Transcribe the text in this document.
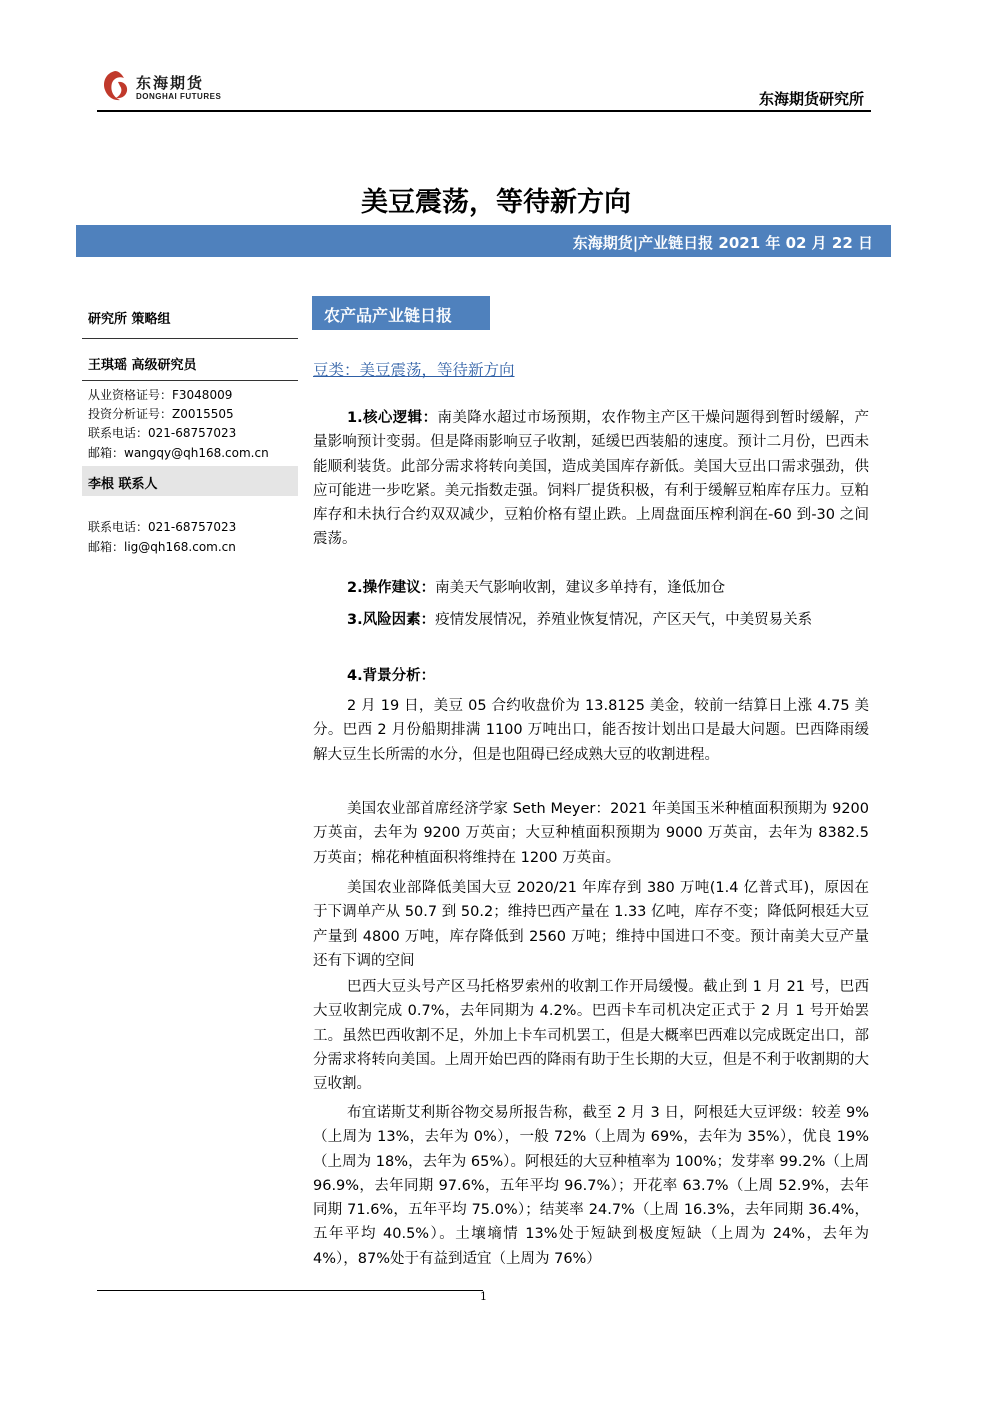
东海期货
DONGHAI FUTURES	东海期货研究所
美豆震荡，等待新方向
东海期货|产业链日报 2021 年 02 月 22 日
研究所 策略组
王琪瑶 高级研究员
从业资格证号：F3048009
投资分析证号：Z0015505
联系电话：021-68757023
邮箱：wangqy@qh168.com.cn
李根 联系人
联系电话：021-68757023
邮箱：lig@qh168.com.cn
农产品产业链日报
豆类：美豆震荡，等待新方向
1.核心逻辑：南美降水超过市场预期，农作物主产区干燥问题得到暂时缓解，产量影响预计变弱。但是降雨影响豆子收割，延缓巴西装船的速度。预计二月份，巴西未能顺利装货。此部分需求将转向美国，造成美国库存新低。美国大豆出口需求强劲，供应可能进一步吃紧。美元指数走强。饲料厂提货积极，有利于缓解豆粕库存压力。豆粕库存和未执行合约双双减少，豆粕价格有望止跌。上周盘面压榨利润在-60 到-30 之间震荡。
2.操作建议：南美天气影响收割，建议多单持有，逢低加仓
3.风险因素：疫情发展情况，养殖业恢复情况，产区天气，中美贸易关系
4.背景分析：
2 月 19 日，美豆 05 合约收盘价为 13.8125 美金，较前一结算日上涨 4.75 美分。巴西 2 月份船期排满 1100 万吨出口，能否按计划出口是最大问题。巴西降雨缓解大豆生长所需的水分，但是也阻碍已经成熟大豆的收割进程。
美国农业部首席经济学家 Seth Meyer：2021 年美国玉米种植面积预期为 9200 万英亩，去年为 9200 万英亩；大豆种植面积预期为 9000 万英亩，去年为 8382.5 万英亩；棉花种植面积将维持在 1200 万英亩。
美国农业部降低美国大豆 2020/21 年库存到 380 万吨(1.4 亿普式耳)，原因在于下调单产从 50.7 到 50.2；维持巴西产量在 1.33 亿吨，库存不变；降低阿根廷大豆产量到 4800 万吨，库存降低到 2560 万吨；维持中国进口不变。预计南美大豆产量还有下调的空间
巴西大豆头号产区马托格罗索州的收割工作开局缓慢。截止到 1 月 21 号，巴西大豆收割完成 0.7%，去年同期为 4.2%。巴西卡车司机决定正式于 2 月 1 号开始罢工。虽然巴西收割不足，外加上卡车司机罢工，但是大概率巴西难以完成既定出口，部分需求将转向美国。上周开始巴西的降雨有助于生长期的大豆，但是不利于收割期的大豆收割。
布宜诺斯艾利斯谷物交易所报告称，截至 2 月 3 日，阿根廷大豆评级：较差 9%（上周为 13%，去年为 0%），一般 72%（上周为 69%，去年为 35%），优良 19%（上周为 18%，去年为 65%）。阿根廷的大豆种植率为 100%；发芽率 99.2%（上周 96.9%，去年同期 97.6%，五年平均 96.7%）；开花率 63.7%（上周 52.9%，去年同期 71.6%，五年平均 75.0%）；结荚率 24.7%（上周 16.3%，去年同期 36.4%，五年平均 40.5%）。土壤墒情 13%处于短缺到极度短缺（上周为 24%，去年为 4%），87%处于有益到适宜（上周为 76%）
1
